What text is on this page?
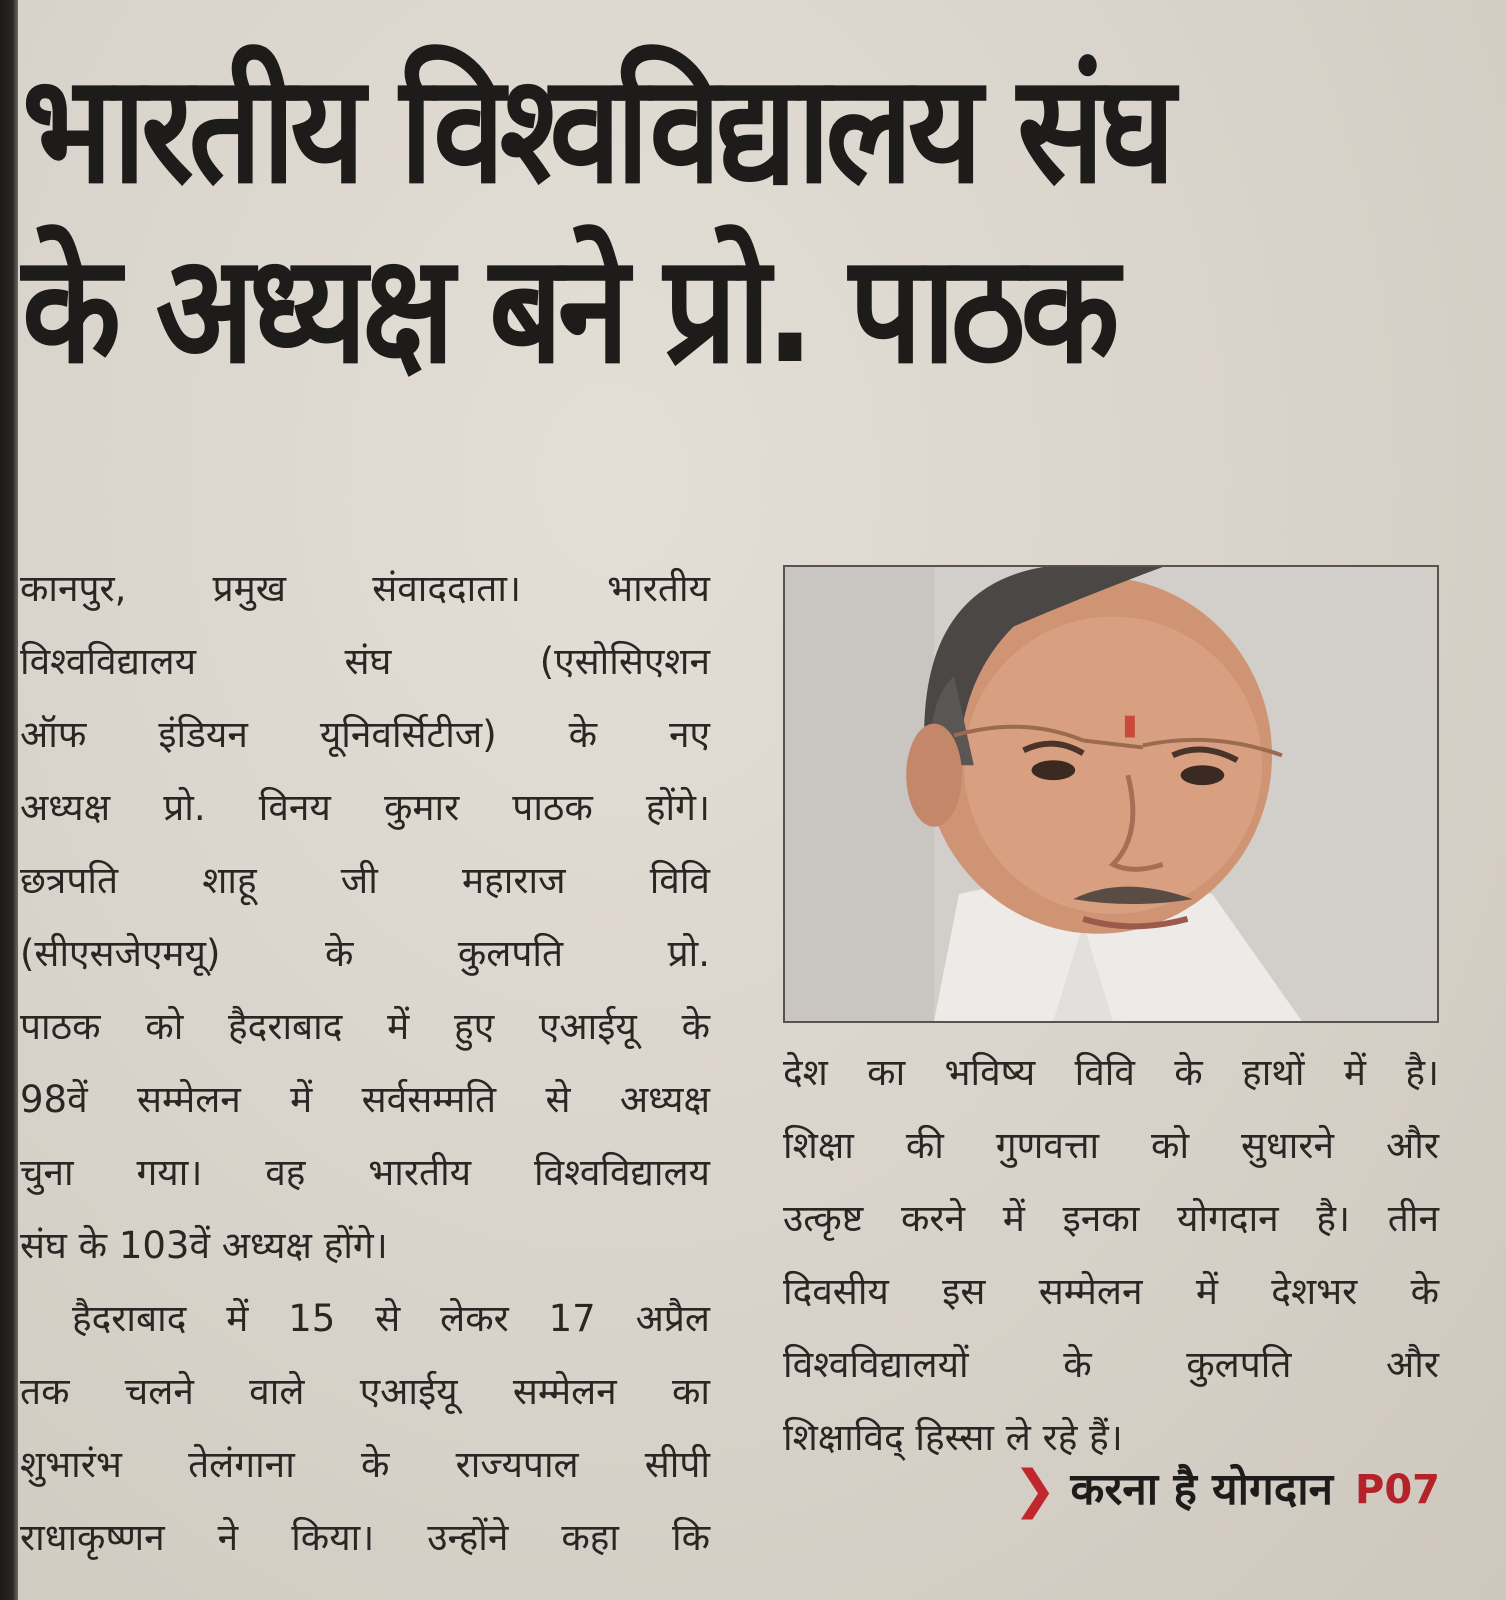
भारतीय विश्वविद्यालय संघ
के अध्यक्ष बने प्रो. पाठक
कानपुर, प्रमुख संवाददाता। भारतीय
विश्वविद्यालय संघ (एसोसिएशन
ऑफ इंडियन यूनिवर्सिटीज) के नए
अध्यक्ष प्रो. विनय कुमार पाठक होंगे।
छत्रपति शाहू जी महाराज विवि
(सीएसजेएमयू) के कुलपति प्रो.
पाठक को हैदराबाद में हुए एआईयू के
98वें सम्मेलन में सर्वसम्मति से अध्यक्ष
चुना गया। वह भारतीय विश्वविद्यालय
संघ के 103वें अध्यक्ष होंगे।
हैदराबाद में 15 से लेकर 17 अप्रैल
तक चलने वाले एआईयू सम्मेलन का
शुभारंभ तेलंगाना के राज्यपाल सीपी
राधाकृष्णन ने किया। उन्होंने कहा कि
देश का भविष्य विवि के हाथों में है।
शिक्षा की गुणवत्ता को सुधारने और
उत्कृष्ट करने में इनका योगदान है। तीन
दिवसीय इस सम्मेलन में देशभर के
विश्वविद्यालयों के कुलपति और
शिक्षाविद् हिस्सा ले रहे हैं।
❯ करना है योगदान P07
